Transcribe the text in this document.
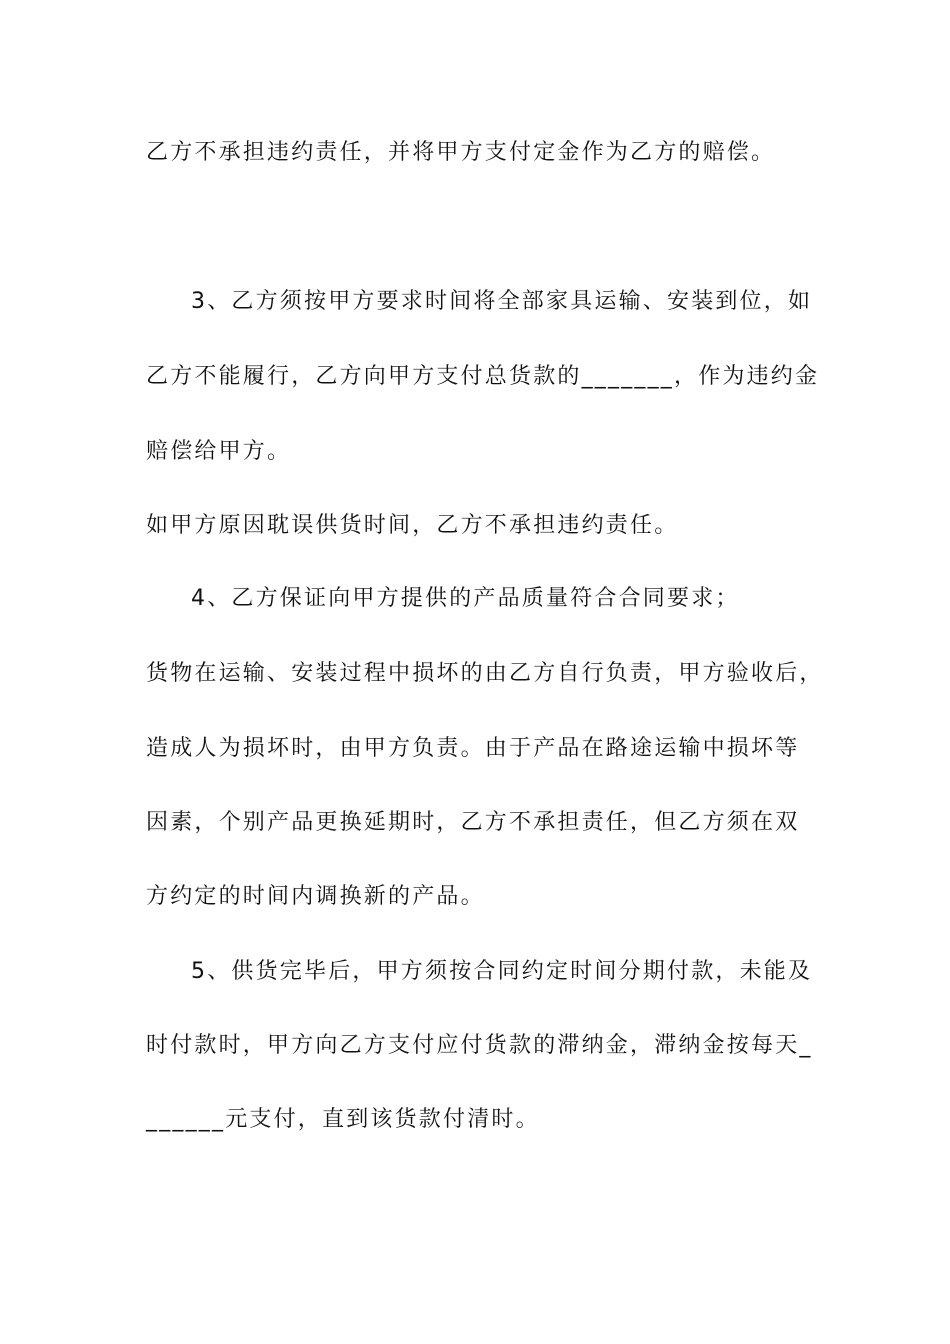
乙方不承担违约责任，并将甲方支付定金作为乙方的赔偿。
3、乙方须按甲方要求时间将全部家具运输、安装到位，如
乙方不能履行，乙方向甲方支付总货款的_______，作为违约金
赔偿给甲方。
如甲方原因耽误供货时间，乙方不承担违约责任。
4、乙方保证向甲方提供的产品质量符合合同要求；
货物在运输、安装过程中损坏的由乙方自行负责，甲方验收后，
造成人为损坏时，由甲方负责。由于产品在路途运输中损坏等
因素，个别产品更换延期时，乙方不承担责任，但乙方须在双
方约定的时间内调换新的产品。
5、供货完毕后，甲方须按合同约定时间分期付款，未能及
时付款时，甲方向乙方支付应付货款的滞纳金，滞纳金按每天_
______元支付，直到该货款付清时。
